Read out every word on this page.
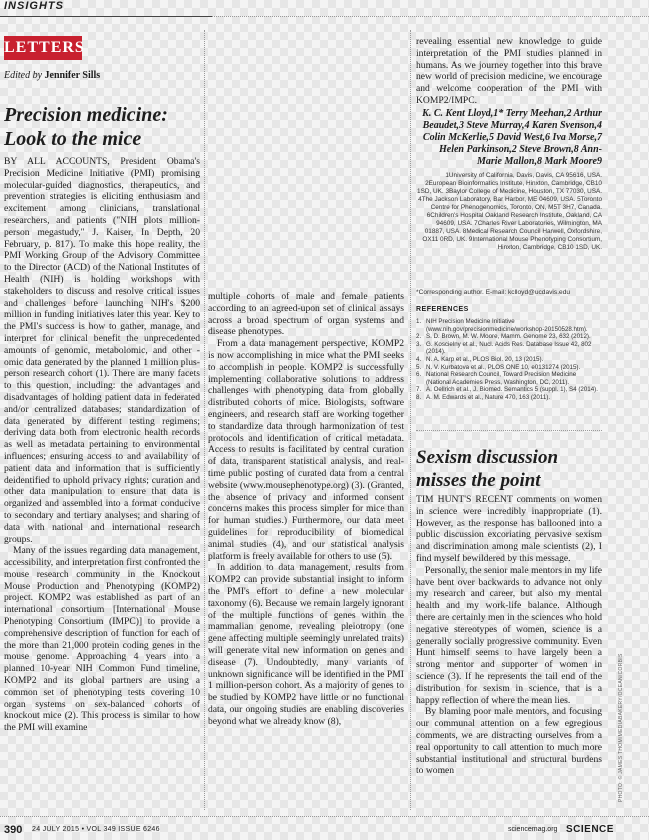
INSIGHTS
LETTERS
Edited by Jennifer Sills
Precision medicine: Look to the mice

BY ALL ACCOUNTS, President Obama's Precision Medicine Initiative (PMI) promising molecular-guided diagnostics, therapeutics, and prevention strategies is eliciting enthusiasm and excitement among clinicians, translational researchers, and patients ("NIH plots million-person megastudy," J. Kaiser, In Depth, 20 February, p. 817). To make this hope reality, the PMI Working Group of the Advisory Committee to the Director (ACD) of the National Institutes of Health (NIH) is holding workshops with stakeholders to discuss and resolve critical issues and challenges before launching NIH's $200 million in funding initiatives later this year. Key to the PMI's success is how to gather, manage, and interpret for clinical benefit the unprecedented amounts of genomic, metabolomic, and other -omic data generated by the planned 1 million plus-person research cohort (1). There are many facets to this question, including: the advantages and disadvantages of holding patient data in federated and/or centralized databases; standardization of data generated by different testing regimens; deriving data both from electronic health records as well as metadata pertaining to environmental influences; ensuring access to and availability of patient data and information that is sufficiently deidentified to uphold privacy rights; curation and other data manipulation to ensure that data is organized and assembled into a format conducive to secondary and tertiary analyses; and sharing of data with national and international research groups.

Many of the issues regarding data management, accessibility, and interpretation first confronted the mouse research community in the Knockout Mouse Production and Phenotyping (KOMP2) project. KOMP2 was established as part of an international consortium [International Mouse Phenotyping Consortium (IMPC)] to provide a comprehensive description of function for each of the more than 21,000 protein coding genes in the mouse genome. Approaching 4 years into a planned 10-year NIH Common Fund timeline, KOMP2 and its global partners are using a common set of phenotyping tests covering 10 organ systems on sex-balanced cohorts of knockout mice (2). This process is similar to how the PMI will examine

multiple cohorts of male and female patients according to an agreed-upon set of clinical assays across a broad spectrum of organ systems and disease phenotypes.

From a data management perspective, KOMP2 is now accomplishing in mice what the PMI seeks to accomplish in people. KOMP2 is successfully implementing collaborative solutions to address challenges with phenotyping data from globally distributed cohorts of mice. Biologists, software engineers, and research staff are working together to standardize data through harmonization of test protocols and identification of critical metadata. Access to results is facilitated by central curation of data, transparent statistical analysis, and real-time public posting of curated data from a central website (www.mousephenotype.org) (3). (Granted, the absence of privacy and informed consent concerns makes this process simpler for mice than for human studies.) Furthermore, our data meet guidelines for reproducibility of biomedical animal studies (4), and our statistical analysis platform is freely available for others to use (5).

In addition to data management, results from KOMP2 can provide substantial insight to inform the PMI's effort to define a new molecular taxonomy (6). Because we remain largely ignorant of the multiple functions of genes within the mammalian genome, revealing pleiotropy (one gene affecting multiple seemingly unrelated traits) will generate vital new information on genes and disease (7). Undoubtedly, many variants of unknown significance will be identified in the PMI 1 million-person cohort. As a majority of genes to be studied by KOMP2 have little or no functional data, our ongoing studies are enabling discoveries beyond what we already know (8),

revealing essential new knowledge to guide interpretation of the PMI studies planned in humans. As we journey together into this brave new world of precision medicine, we encourage and welcome cooperation of the PMI with KOMP2/IMPC.

K. C. Kent Lloyd,1* Terry Meehan,2 Arthur Beaudet,3 Steve Murray,4 Karen Svenson,4 Colin McKerlie,5 David West,6 Iva Morse,7 Helen Parkinson,2 Steve Brown,8 Ann-Marie Mallon,8 Mark Moore9
1University of California, Davis, Davis, CA 95616, USA. 2European Bioinformatics Institute, Hinxton, Cambridge, CB10 1SD, UK. 3Baylor College of Medicine, Houston, TX 77030, USA. 4The Jackson Laboratory, Bar Harbor, ME 04609, USA. 5Toronto Centre for Phenogenomics, Toronto, ON, M5T 3H7, Canada. 6Children's Hospital Oakland Research Institute, Oakland, CA 94609, USA. 7Charles River Laboratories, Wilmington, MA 01887, USA. 8Medical Research Council Harwell, Oxfordshire, OX11 0RD, UK. 9International Mouse Phenotyping Consortium, Hinxton, Cambridge, CB10 1SD, UK.
*Corresponding author. E-mail: kclloyd@ucdavis.edu
REFERENCES
1. NIH Precision Medicine Initiative (www.nih.gov/precisionmedicine/workshop-20150528.htm).
2. S. D. Brown, M. W. Moore, Mamm. Genome 23, 632 (2012).
3. G. Koscielny et al., Nucl. Acids Res. Database Issue 42, 802 (2014).
4. N. A. Karp et al., PLOS Biol. 20, 13 (2015).
5. N. V. Kurbatova et al., PLOS ONE 10, e0131274 (2015).
6. National Research Council, Toward Precision Medicine (National Academies Press, Washington, DC, 2011).
7. A. Oellrich et al., J. Biomed. Semantics 5 (suppl. 1), S4 (2014).
8. A. M. Edwards et al., Nature 470, 163 (2011).
Sexism discussion misses the point

TIM HUNT'S RECENT comments on women in science were incredibly inappropriate (1). However, as the response has ballooned into a public discussion excoriating pervasive sexism and discrimination among male scientists (2), I find myself bewildered by this message.

Personally, the senior male mentors in my life have bent over backwards to advance not only my research and career, but also my mental health and my work-life balance. Although there are certainly men in the sciences who hold negative stereotypes of women, science is a generally socially progressive community. Even Hunt himself seems to have largely been a strong mentor and supporter of women in science (3). If he represents the tail end of the distribution for sexism in science, that is a happy reflection of where the mean lies.

By blaming poor male mentors, and focusing our communal attention on a few egregious comments, we are distracting ourselves from a real opportunity to call attention to much more substantial institutional and structural burdens to women	PHOTO: © JAMES THOM/MEDIABAKERY/OCEAN/CORBIS
390 24 JULY 2015 • VOL 349 ISSUE 6246	sciencemag.org SCIENCE
